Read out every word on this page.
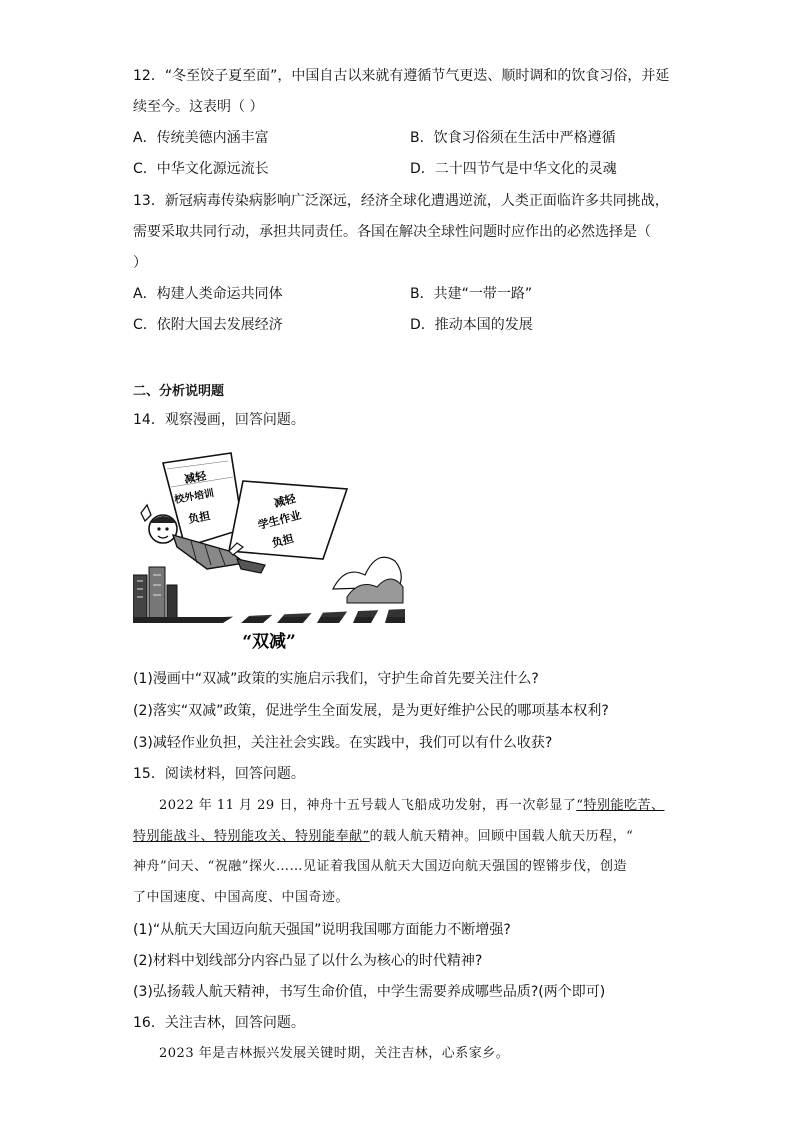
12．“冬至饺子夏至面”，中国自古以来就有遵循节气更迭、顺时调和的饮食习俗，并延
续至今。这表明（ ）
A．传统美德内涵丰富	B．饮食习俗须在生活中严格遵循
C．中华文化源远流长	D．二十四节气是中华文化的灵魂
13．新冠病毒传染病影响广泛深远，经济全球化遭遇逆流，人类正面临许多共同挑战，
需要采取共同行动，承担共同责任。各国在解决全球性问题时应作出的必然选择是（
）
A．构建人类命运共同体	B．共建“一带一路”
C．依附大国去发展经济	D．推动本国的发展
二、分析说明题
14．观察漫画，回答问题。
减轻
校外培训
负担
减轻
学生作业
负担
“双减”
(1)漫画中“双减”政策的实施启示我们，守护生命首先要关注什么?
(2)落实“双减”政策，促进学生全面发展，是为更好维护公民的哪项基本权利?
(3)减轻作业负担，关注社会实践。在实践中，我们可以有什么收获?
15．阅读材料，回答问题。
2022 年 11 月 29 日，神舟十五号载人飞船成功发射，再一次彰显了“特别能吃苦、
特别能战斗、特别能攻关、特别能奉献”的载人航天精神。回顾中国载人航天历程，“
神舟”问天、“祝融”探火……见证着我国从航天大国迈向航天强国的铿锵步伐，创造
了中国速度、中国高度、中国奇迹。
(1)“从航天大国迈向航天强国”说明我国哪方面能力不断增强?
(2)材料中划线部分内容凸显了以什么为核心的时代精神?
(3)弘扬载人航天精神，书写生命价值，中学生需要养成哪些品质?(两个即可)
16．关注吉林，回答问题。
2023 年是吉林振兴发展关键时期，关注吉林，心系家乡。
